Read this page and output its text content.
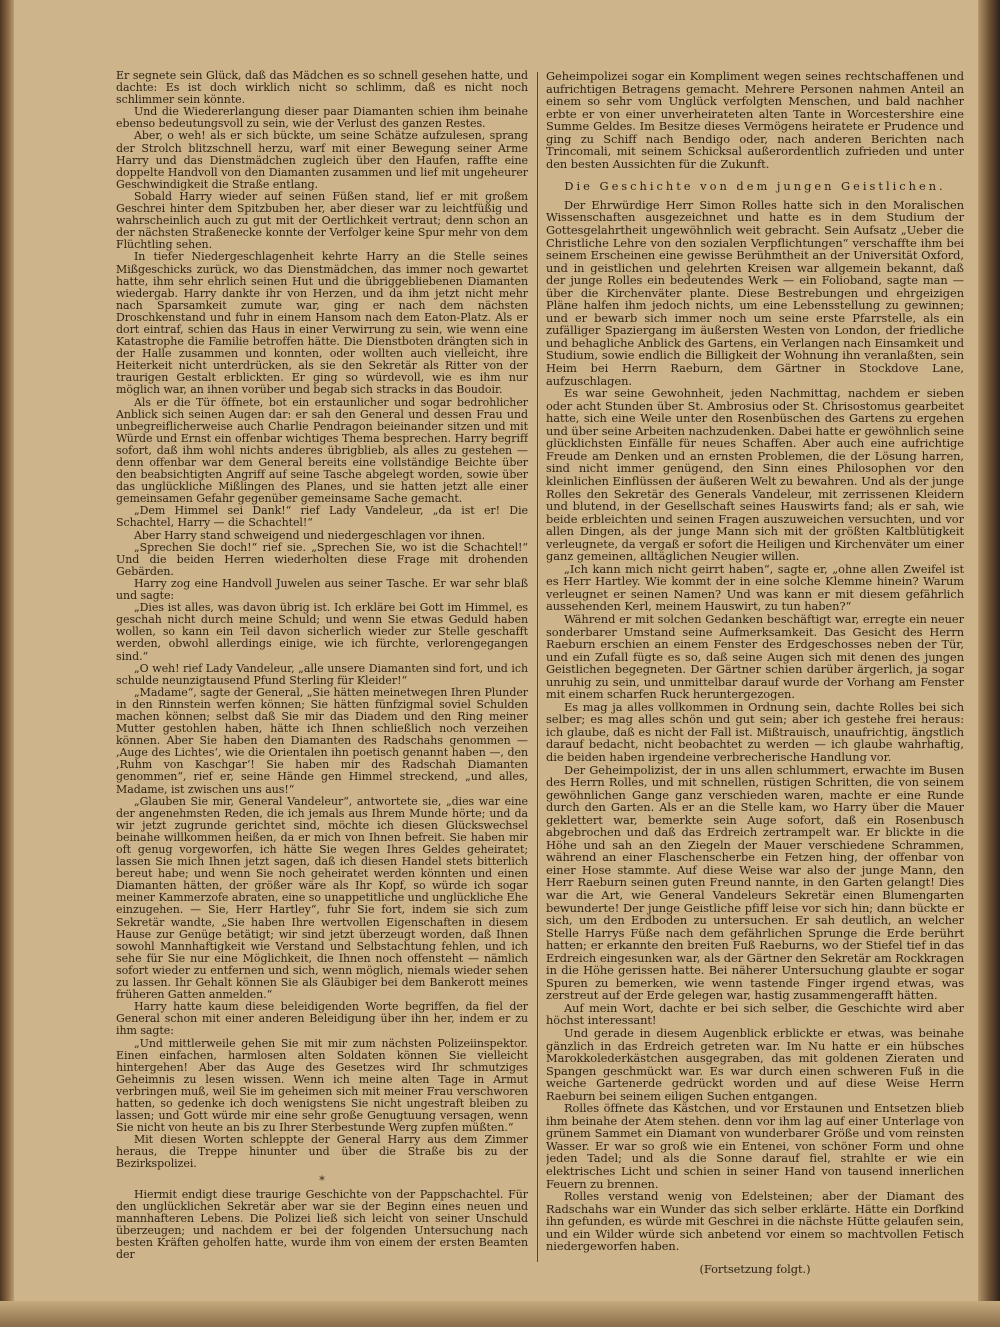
Er segnete sein Glück, daß das Mädchen es so schnell gesehen hatte, und dachte: Es ist doch wirklich nicht so schlimm, daß es nicht noch schlimmer sein könnte.

Und die Wiedererlangung dieser paar Diamanten schien ihm beinahe ebenso bedeutungsvoll zu sein, wie der Verlust des ganzen Restes.

Aber, o weh! als er sich bückte, um seine Schätze aufzulesen, sprang der Strolch blitzschnell herzu, warf mit einer Bewegung seiner Arme Harry und das Dienstmädchen zugleich über den Haufen, raffte eine doppelte Handvoll von den Diamanten zusammen und lief mit ungeheurer Geschwindigkeit die Straße entlang.

Sobald Harry wieder auf seinen Füßen stand, lief er mit großem Geschrei hinter dem Spitzbuben her, aber dieser war zu leichtfüßig und wahrscheinlich auch zu gut mit der Oertlichkeit vertraut; denn schon an der nächsten Straßenecke konnte der Verfolger keine Spur mehr von dem Flüchtling sehen.

In tiefer Niedergeschlagenheit kehrte Harry an die Stelle seines Mißgeschicks zurück, wo das Dienstmädchen, das immer noch gewartet hatte, ihm sehr ehrlich seinen Hut und die übriggebliebenen Diamanten wiedergab. Harry dankte ihr von Herzen, und da ihm jetzt nicht mehr nach Sparsamkeit zumute war, ging er nach dem nächsten Droschkenstand und fuhr in einem Hansom nach dem Eaton-Platz. Als er dort eintraf, schien das Haus in einer Verwirrung zu sein, wie wenn eine Katastrophe die Familie betroffen hätte. Die Dienstboten drängten sich in der Halle zusammen und konnten, oder wollten auch vielleicht, ihre Heiterkeit nicht unterdrücken, als sie den Sekretär als Ritter von der traurigen Gestalt erblickten. Er ging so würdevoll, wie es ihm nur möglich war, an ihnen vorüber und begab sich stracks in das Boudoir.

Als er die Tür öffnete, bot ein erstaunlicher und sogar bedrohlicher Anblick sich seinen Augen dar: er sah den General und dessen Frau und unbegreiflicherweise auch Charlie Pendragon beieinander sitzen und mit Würde und Ernst ein offenbar wichtiges Thema besprechen. Harry begriff sofort, daß ihm wohl nichts anderes übrigblieb, als alles zu gestehen — denn offenbar war dem General bereits eine vollständige Beichte über den beabsichtigten Angriff auf seine Tasche abgelegt worden, sowie über das unglückliche Mißlingen des Planes, und sie hatten jetzt alle einer gemeinsamen Gefahr gegenüber gemeinsame Sache gemacht.

„Dem Himmel sei Dank!“ rief Lady Vandeleur, „da ist er! Die Schachtel, Harry — die Schachtel!“

Aber Harry stand schweigend und niedergeschlagen vor ihnen.

„Sprechen Sie doch!“ rief sie. „Sprechen Sie, wo ist die Schachtel!“ Und die beiden Herren wiederholten diese Frage mit drohenden Gebärden.

Harry zog eine Handvoll Juwelen aus seiner Tasche. Er war sehr blaß und sagte:

„Dies ist alles, was davon übrig ist. Ich erkläre bei Gott im Himmel, es geschah nicht durch meine Schuld; und wenn Sie etwas Geduld haben wollen, so kann ein Teil davon sicherlich wieder zur Stelle geschafft werden, obwohl allerdings einige, wie ich fürchte, verlorengegangen sind.“

„O weh! rief Lady Vandeleur, „alle unsere Diamanten sind fort, und ich schulde neunzigtausend Pfund Sterling für Kleider!“

„Madame“, sagte der General, „Sie hätten meinetwegen Ihren Plunder in den Rinnstein werfen können; Sie hätten fünfzigmal soviel Schulden machen können; selbst daß Sie mir das Diadem und den Ring meiner Mutter gestohlen haben, hätte ich Ihnen schließlich noch verzeihen können. Aber Sie haben den Diamanten des Radschahs genommen — ,Auge des Lichtes‘, wie die Orientalen ihn poetisch genannt haben —, den ,Ruhm von Kaschgar‘! Sie haben mir des Radschah Diamanten genommen“, rief er, seine Hände gen Himmel streckend, „und alles, Madame, ist zwischen uns aus!“

„Glauben Sie mir, General Vandeleur“, antwortete sie, „dies war eine der angenehmsten Reden, die ich jemals aus Ihrem Munde hörte; und da wir jetzt zugrunde gerichtet sind, möchte ich diesen Glückswechsel beinahe willkommen heißen, da er mich von Ihnen befreit. Sie haben mir oft genug vorgeworfen, ich hätte Sie wegen Ihres Geldes geheiratet; lassen Sie mich Ihnen jetzt sagen, daß ich diesen Handel stets bitterlich bereut habe; und wenn Sie noch geheiratet werden könnten und einen Diamanten hätten, der größer wäre als Ihr Kopf, so würde ich sogar meiner Kammerzofe abraten, eine so unappetitliche und unglückliche Ehe einzugehen. — Sie, Herr Hartley“, fuhr Sie fort, indem sie sich zum Sekretär wandte, „Sie haben Ihre wertvollen Eigenschaften in diesem Hause zur Genüge betätigt; wir sind jetzt überzeugt worden, daß Ihnen sowohl Mannhaftigkeit wie Verstand und Selbstachtung fehlen, und ich sehe für Sie nur eine Möglichkeit, die Ihnen noch offensteht — nämlich sofort wieder zu entfernen und sich, wenn möglich, niemals wieder sehen zu lassen. Ihr Gehalt können Sie als Gläubiger bei dem Bankerott meines früheren Gatten anmelden.“

Harry hatte kaum diese beleidigenden Worte begriffen, da fiel der General schon mit einer anderen Beleidigung über ihn her, indem er zu ihm sagte:

„Und mittlerweile gehen Sie mit mir zum nächsten Polizeiinspektor. Einen einfachen, harmlosen alten Soldaten können Sie vielleicht hintergehen! Aber das Auge des Gesetzes wird Ihr schmutziges Geheimnis zu lesen wissen. Wenn ich meine alten Tage in Armut verbringen muß, weil Sie im geheimen sich mit meiner Frau verschworen hatten, so gedenke ich doch wenigstens Sie nicht ungestraft bleiben zu lassen; und Gott würde mir eine sehr große Genugtuung versagen, wenn Sie nicht von heute an bis zu Ihrer Sterbestunde Werg zupfen müßten.“

Mit diesen Worten schleppte der General Harry aus dem Zimmer heraus, die Treppe hinunter und über die Straße bis zu der Bezirkspolizei.

*

Hiermit endigt diese traurige Geschichte von der Pappschachtel. Für den unglücklichen Sekretär aber war sie der Beginn eines neuen und mannhafteren Lebens. Die Polizei ließ sich leicht von seiner Unschuld überzeugen; und nachdem er bei der folgenden Untersuchung nach besten Kräften geholfen hatte, wurde ihm von einem der ersten Beamten der

Geheimpolizei sogar ein Kompliment wegen seines rechtschaffenen und aufrichtigen Betragens gemacht. Mehrere Personen nahmen Anteil an einem so sehr vom Unglück verfolgten Menschen, und bald nachher erbte er von einer unverheirateten alten Tante in Worcestershire eine Summe Geldes. Im Besitze dieses Vermögens heiratete er Prudence und ging zu Schiff nach Bendigo oder, nach anderen Berichten nach Trincomali, mit seinem Schicksal außerordentlich zufrieden und unter den besten Aussichten für die Zukunft.

Die Geschichte von dem jungen Geistlichen.

Der Ehrwürdige Herr Simon Rolles hatte sich in den Moralischen Wissenschaften ausgezeichnet und hatte es in dem Studium der Gottesgelahrtheit ungewöhnlich weit gebracht. Sein Aufsatz „Ueber die Christliche Lehre von den sozialen Verpflichtungen“ verschaffte ihm bei seinem Erscheinen eine gewisse Berühmtheit an der Universität Oxford, und in geistlichen und gelehrten Kreisen war allgemein bekannt, daß der junge Rolles ein bedeutendes Werk — ein Folioband, sagte man — über die Kirchenväter plante. Diese Bestrebungen und ehrgeizigen Pläne halfen ihm jedoch nichts, um eine Lebensstellung zu gewinnen; und er bewarb sich immer noch um seine erste Pfarrstelle, als ein zufälliger Spaziergang im äußersten Westen von London, der friedliche und behagliche Anblick des Gartens, ein Verlangen nach Einsamkeit und Studium, sowie endlich die Billigkeit der Wohnung ihn veranlaßten, sein Heim bei Herrn Raeburn, dem Gärtner in Stockdove Lane, aufzuschlagen.

Es war seine Gewohnheit, jeden Nachmittag, nachdem er sieben oder acht Stunden über St. Ambrosius oder St. Chrisostomus gearbeitet hatte, sich eine Weile unter den Rosenbüschen des Gartens zu ergehen und über seine Arbeiten nachzudenken. Dabei hatte er gewöhnlich seine glücklichsten Einfälle für neues Schaffen. Aber auch eine aufrichtige Freude am Denken und an ernsten Problemen, die der Lösung harren, sind nicht immer genügend, den Sinn eines Philosophen vor den kleinlichen Einflüssen der äußeren Welt zu bewahren. Und als der junge Rolles den Sekretär des Generals Vandeleur, mit zerrissenen Kleidern und blutend, in der Gesellschaft seines Hauswirts fand; als er sah, wie beide erbleichten und seinen Fragen auszuweichen versuchten, und vor allen Dingen, als der junge Mann sich mit der größten Kaltblütigkeit verleugnete, da vergaß er sofort die Heiligen und Kirchenväter um einer ganz gemeinen, alltäglichen Neugier willen.

„Ich kann mich nicht geirrt haben“, sagte er, „ohne allen Zweifel ist es Herr Hartley. Wie kommt der in eine solche Klemme hinein? Warum verleugnet er seinen Namen? Und was kann er mit diesem gefährlich aussehenden Kerl, meinem Hauswirt, zu tun haben?“

Während er mit solchen Gedanken beschäftigt war, erregte ein neuer sonderbarer Umstand seine Aufmerksamkeit. Das Gesicht des Herrn Raeburn erschien an einem Fenster des Erdgeschosses neben der Tür, und ein Zufall fügte es so, daß seine Augen sich mit denen des jungen Geistlichen begegneten. Der Gärtner schien darüber ärgerlich, ja sogar unruhig zu sein, und unmittelbar darauf wurde der Vorhang am Fenster mit einem scharfen Ruck heruntergezogen.

Es mag ja alles vollkommen in Ordnung sein, dachte Rolles bei sich selber; es mag alles schön und gut sein; aber ich gestehe frei heraus: ich glaube, daß es nicht der Fall ist. Mißtrauisch, unaufrichtig, ängstlich darauf bedacht, nicht beobachtet zu werden — ich glaube wahrhaftig, die beiden haben irgendeine verbrecherische Handlung vor.

Der Geheimpolizist, der in uns allen schlummert, erwachte im Busen des Herrn Rolles, und mit schnellen, rüstigen Schritten, die von seinem gewöhnlichen Gange ganz verschieden waren, machte er eine Runde durch den Garten. Als er an die Stelle kam, wo Harry über die Mauer geklettert war, bemerkte sein Auge sofort, daß ein Rosenbusch abgebrochen und daß das Erdreich zertrampelt war. Er blickte in die Höhe und sah an den Ziegeln der Mauer verschiedene Schrammen, während an einer Flaschenscherbe ein Fetzen hing, der offenbar von einer Hose stammte. Auf diese Weise war also der junge Mann, den Herr Raeburn seinen guten Freund nannte, in den Garten gelangt! Dies war die Art, wie General Vandeleurs Sekretär einen Blumengarten bewunderte! Der junge Geistliche pfiff leise vor sich hin; dann bückte er sich, um den Erdboden zu untersuchen. Er sah deutlich, an welcher Stelle Harrys Füße nach dem gefährlichen Sprunge die Erde berührt hatten; er erkannte den breiten Fuß Raeburns, wo der Stiefel tief in das Erdreich eingesunken war, als der Gärtner den Sekretär am Rockkragen in die Höhe gerissen hatte. Bei näherer Untersuchung glaubte er sogar Spuren zu bemerken, wie wenn tastende Finger irgend etwas, was zerstreut auf der Erde gelegen war, hastig zusammengerafft hätten.

Auf mein Wort, dachte er bei sich selber, die Geschichte wird aber höchst interessant!

Und gerade in diesem Augenblick erblickte er etwas, was beinahe gänzlich in das Erdreich getreten war. Im Nu hatte er ein hübsches Marokkolederkästchen ausgegraben, das mit goldenen Zieraten und Spangen geschmückt war. Es war durch einen schweren Fuß in die weiche Gartenerde gedrückt worden und auf diese Weise Herrn Raeburn bei seinem eiligen Suchen entgangen.

Rolles öffnete das Kästchen, und vor Erstaunen und Entsetzen blieb ihm beinahe der Atem stehen. denn vor ihm lag auf einer Unterlage von grünem Sammet ein Diamant von wunderbarer Größe und vom reinsten Wasser. Er war so groß wie ein Entenei, von schöner Form und ohne jeden Tadel; und als die Sonne darauf fiel, strahlte er wie ein elektrisches Licht und schien in seiner Hand von tausend innerlichen Feuern zu brennen.

Rolles verstand wenig von Edelsteinen; aber der Diamant des Radschahs war ein Wunder das sich selber erklärte. Hätte ein Dorfkind ihn gefunden, es würde mit Geschrei in die nächste Hütte gelaufen sein, und ein Wilder würde sich anbetend vor einem so machtvollen Fetisch niedergeworfen haben.

(Fortsetzung folgt.)
